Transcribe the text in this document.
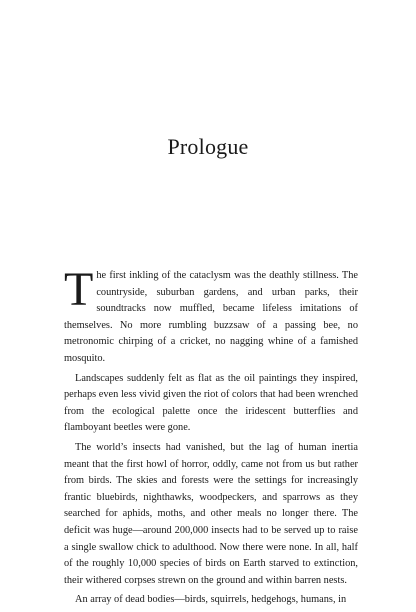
Prologue

The first inkling of the cataclysm was the deathly stillness. The countryside, suburban gardens, and urban parks, their soundtracks now muffled, became lifeless imitations of themselves. No more rumbling buzzsaw of a passing bee, no metronomic chirping of a cricket, no nagging whine of a famished mosquito.

Landscapes suddenly felt as flat as the oil paintings they inspired, perhaps even less vivid given the riot of colors that had been wrenched from the ecological palette once the iridescent butterflies and flamboyant beetles were gone.

The world’s insects had vanished, but the lag of human inertia meant that the first howl of horror, oddly, came not from us but rather from birds. The skies and forests were the settings for increasingly frantic bluebirds, nighthawks, woodpeckers, and sparrows as they searched for aphids, moths, and other meals no longer there. The deficit was huge—around 200,000 insects had to be served up to raise a single swallow chick to adulthood. Now there were none. In all, half of the roughly 10,000 species of birds on Earth starved to extinction, their withered corpses strewn on the ground and within barren nests.

An array of dead bodies—birds, squirrels, hedgehogs, humans, in
